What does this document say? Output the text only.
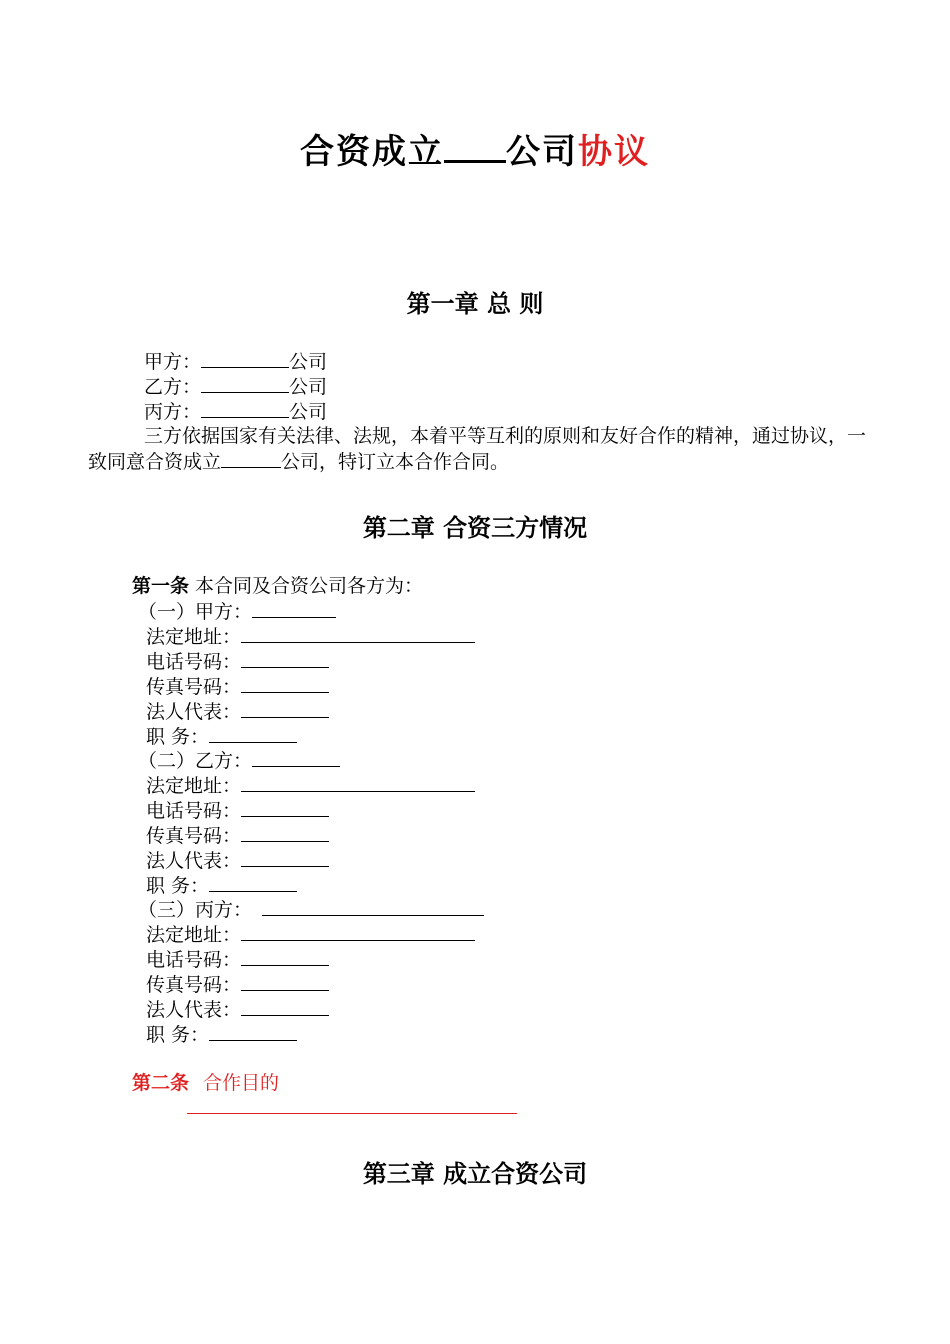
合资成立 公司协议
第一章 总 则
甲方：	公司
乙方：	公司
丙方：	公司
三方依据国家有关法律、法规，本着平等互利的原则和友好合作的精神，通过协议，一致同意合资成立	公司，特订立本合作合同。
第二章 合资三方情况
第一条 本合同及合资公司各方为：
（一）甲方：
法定地址：
电话号码：
传真号码：
法人代表：
职 务：
（二）乙方：
法定地址：
电话号码：
传真号码：
法人代表：
职 务：
（三）丙方：
法定地址：
电话号码：
传真号码：
法人代表：
职 务：
第二条 合作目的
第三章 成立合资公司
